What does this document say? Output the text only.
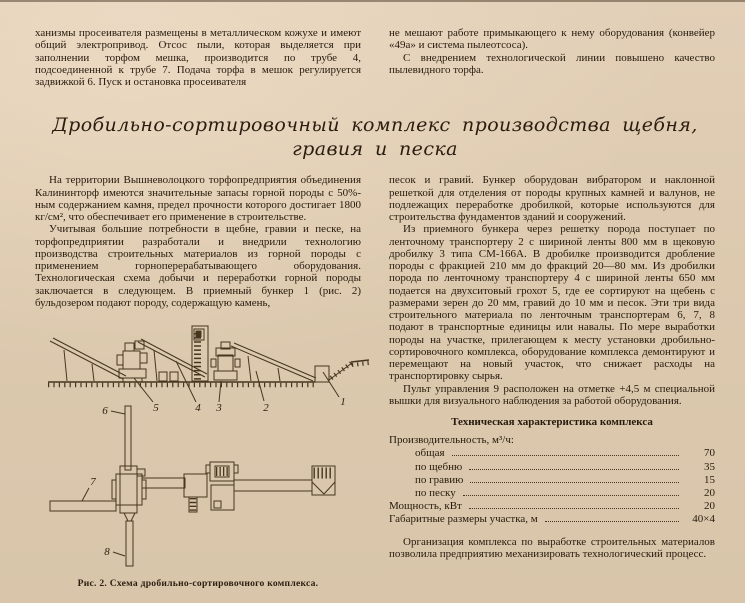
ханизмы просеивателя размещены в металлическом кожухе и имеют общий электропривод. Отсос пыли, которая выделяется при заполнении торфом мешка, производится по трубе 4, подсоединенной к трубе 7. Подача торфа в мешок регулируется задвижкой 6. Пуск и остановка просеивателя

не мешают работе примыкающего к нему оборудования (конвейер «49а» и система пылеотсоса).

С внедрением технологической линии повышено качество пылевидного торфа.

Дробильно-сортировочный комплекс производства щебня, гравия и песка

На территории Вышневолоцкого торфопредприятия объединения Калининторф имеются значительные запасы горной породы с 50%-ным содержанием камня, предел прочности которого достигает 1800 кг/см², что обеспечивает его применение в строительстве.

Учитывая большие потребности в щебне, гравии и песке, на торфопредприятии разработали и внедрили технологию производства строительных материалов из горной породы с применением горноперерабатывающего оборудования. Технологическая схема добычи и переработки горной породы заключается в следующем. В приемный бункер 1 (рис. 2) бульдозером подают породу, содержащую камень,

1
2
3
4
5
6
7
8
Рис. 2. Схема дробильно-сортировочного комплекса.

песок и гравий. Бункер оборудован вибратором и наклонной решеткой для отделения от породы крупных камней и валунов, не подлежащих переработке дробилкой, которые используются для строительства фундаментов зданий и сооружений.

Из приемного бункера через решетку порода поступает по ленточному транспортеру 2 с шириной ленты 800 мм в щековую дробилку 3 типа СМ-166А. В дробилке производится дробление породы с фракцией 210 мм до фракций 20—80 мм. Из дробилки порода по ленточному транспортеру 4 с шириной ленты 650 мм подается на двухситовый грохот 5, где ее сортируют на щебень с размерами зерен до 20 мм, гравий до 10 мм и песок. Эти три вида строительного материала по ленточным транспортерам 6, 7, 8 подают в транспортные единицы или навалы. По мере выработки породы на участке, прилегающем к месту установки дробильно-сортировочного комплекса, оборудование комплекса демонтируют и перемещают на новый участок, что снижает расходы на транспортировку сырья.

Пульт управления 9 расположен на отметке +4,5 м специальной вышки для визуального наблюдения за работой оборудования.

Техническая характеристика комплекса
Производительность, м³/ч:
общая	70
по щебню	35
по гравию	15
по песку	20
Мощность, кВт	20
Габаритные размеры участка, м	40×4

Организация комплекса по выработке строительных материалов позволила предприятию механизировать технологический процесс.
